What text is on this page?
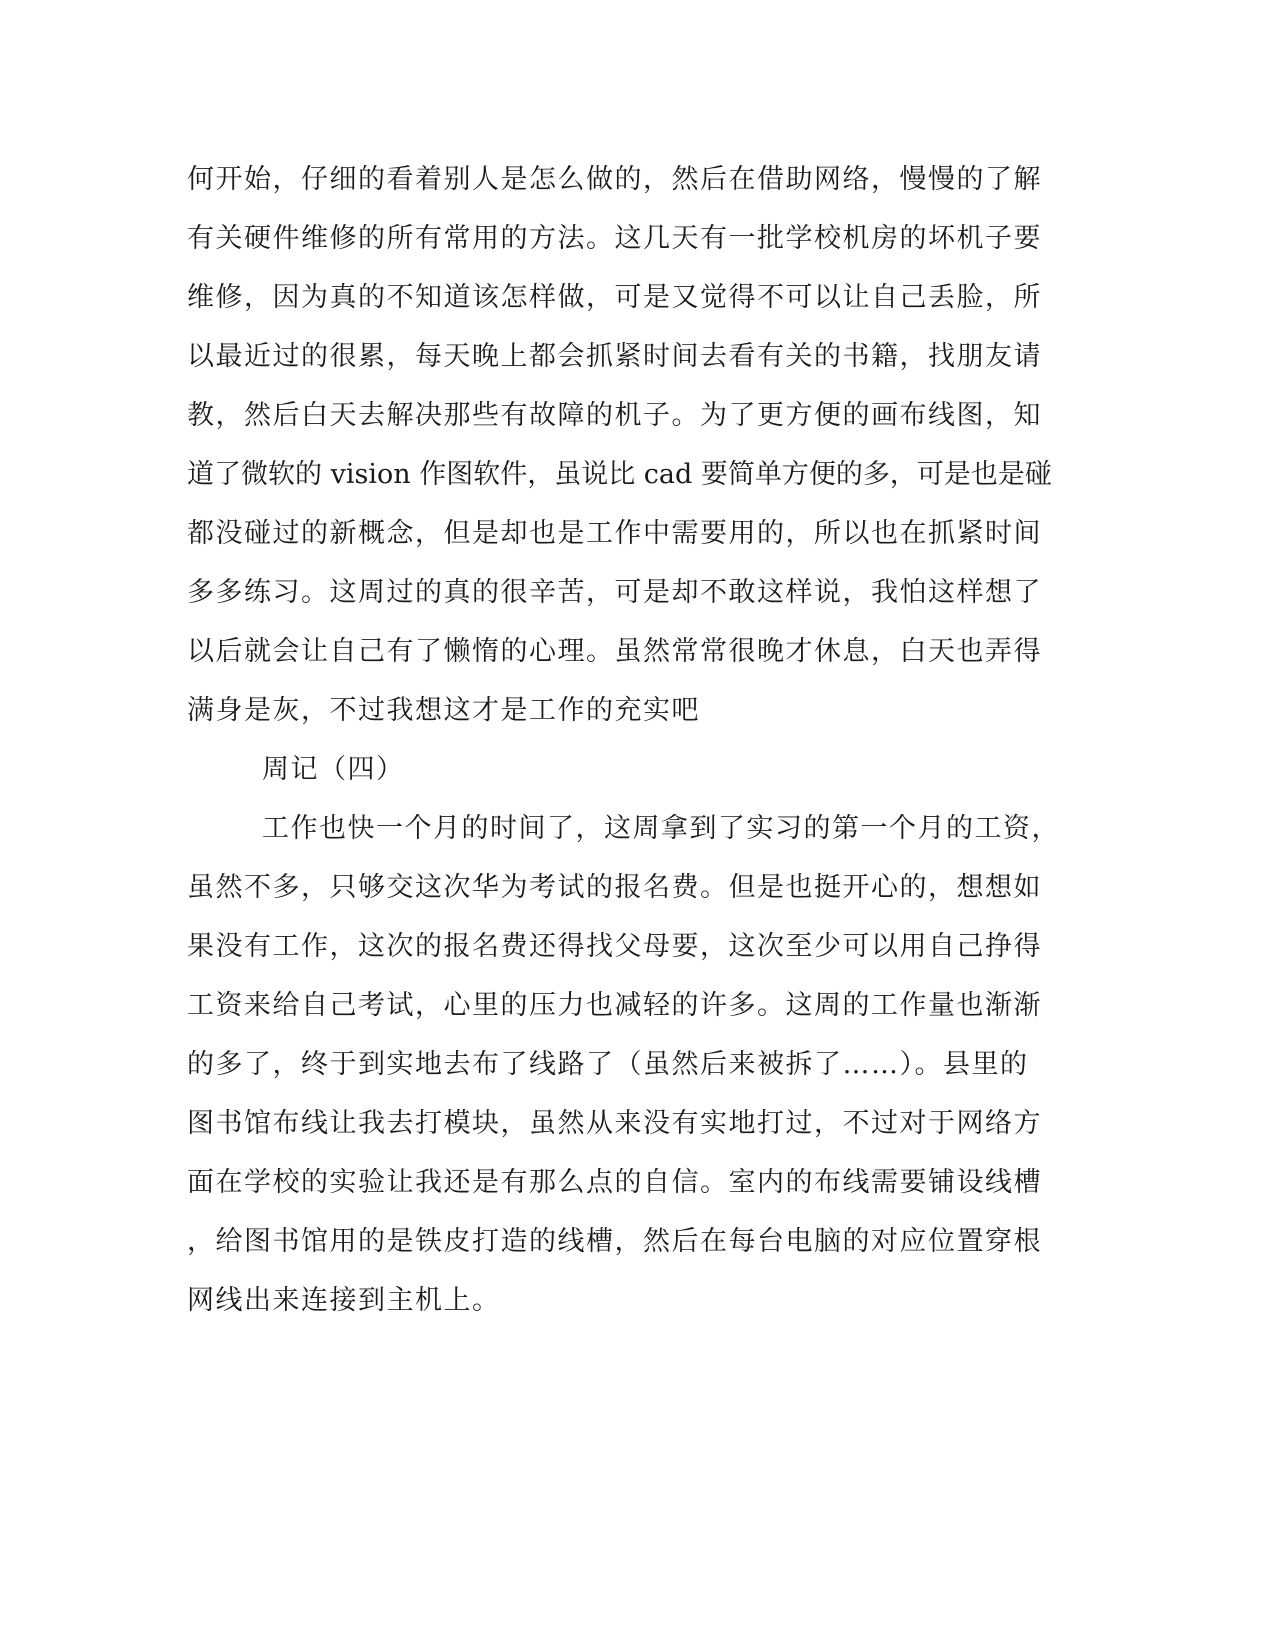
何开始，仔细的看着别人是怎么做的，然后在借助网络，慢慢的了解
有关硬件维修的所有常用的方法。这几天有一批学校机房的坏机子要
维修，因为真的不知道该怎样做，可是又觉得不可以让自己丢脸，所
以最近过的很累，每天晚上都会抓紧时间去看有关的书籍，找朋友请
教，然后白天去解决那些有故障的机子。为了更方便的画布线图，知
道了微软的 vision 作图软件，虽说比 cad 要简单方便的多，可是也是碰
都没碰过的新概念，但是却也是工作中需要用的，所以也在抓紧时间
多多练习。这周过的真的很辛苦，可是却不敢这样说，我怕这样想了
以后就会让自己有了懒惰的心理。虽然常常很晚才休息，白天也弄得
满身是灰，不过我想这才是工作的充实吧
周记（四）
工作也快一个月的时间了，这周拿到了实习的第一个月的工资，
虽然不多，只够交这次华为考试的报名费。但是也挺开心的，想想如
果没有工作，这次的报名费还得找父母要，这次至少可以用自己挣得
工资来给自己考试，心里的压力也减轻的许多。这周的工作量也渐渐
的多了，终于到实地去布了线路了（虽然后来被拆了……）。县里的
图书馆布线让我去打模块，虽然从来没有实地打过，不过对于网络方
面在学校的实验让我还是有那么点的自信。室内的布线需要铺设线槽
，给图书馆用的是铁皮打造的线槽，然后在每台电脑的对应位置穿根
网线出来连接到主机上。
